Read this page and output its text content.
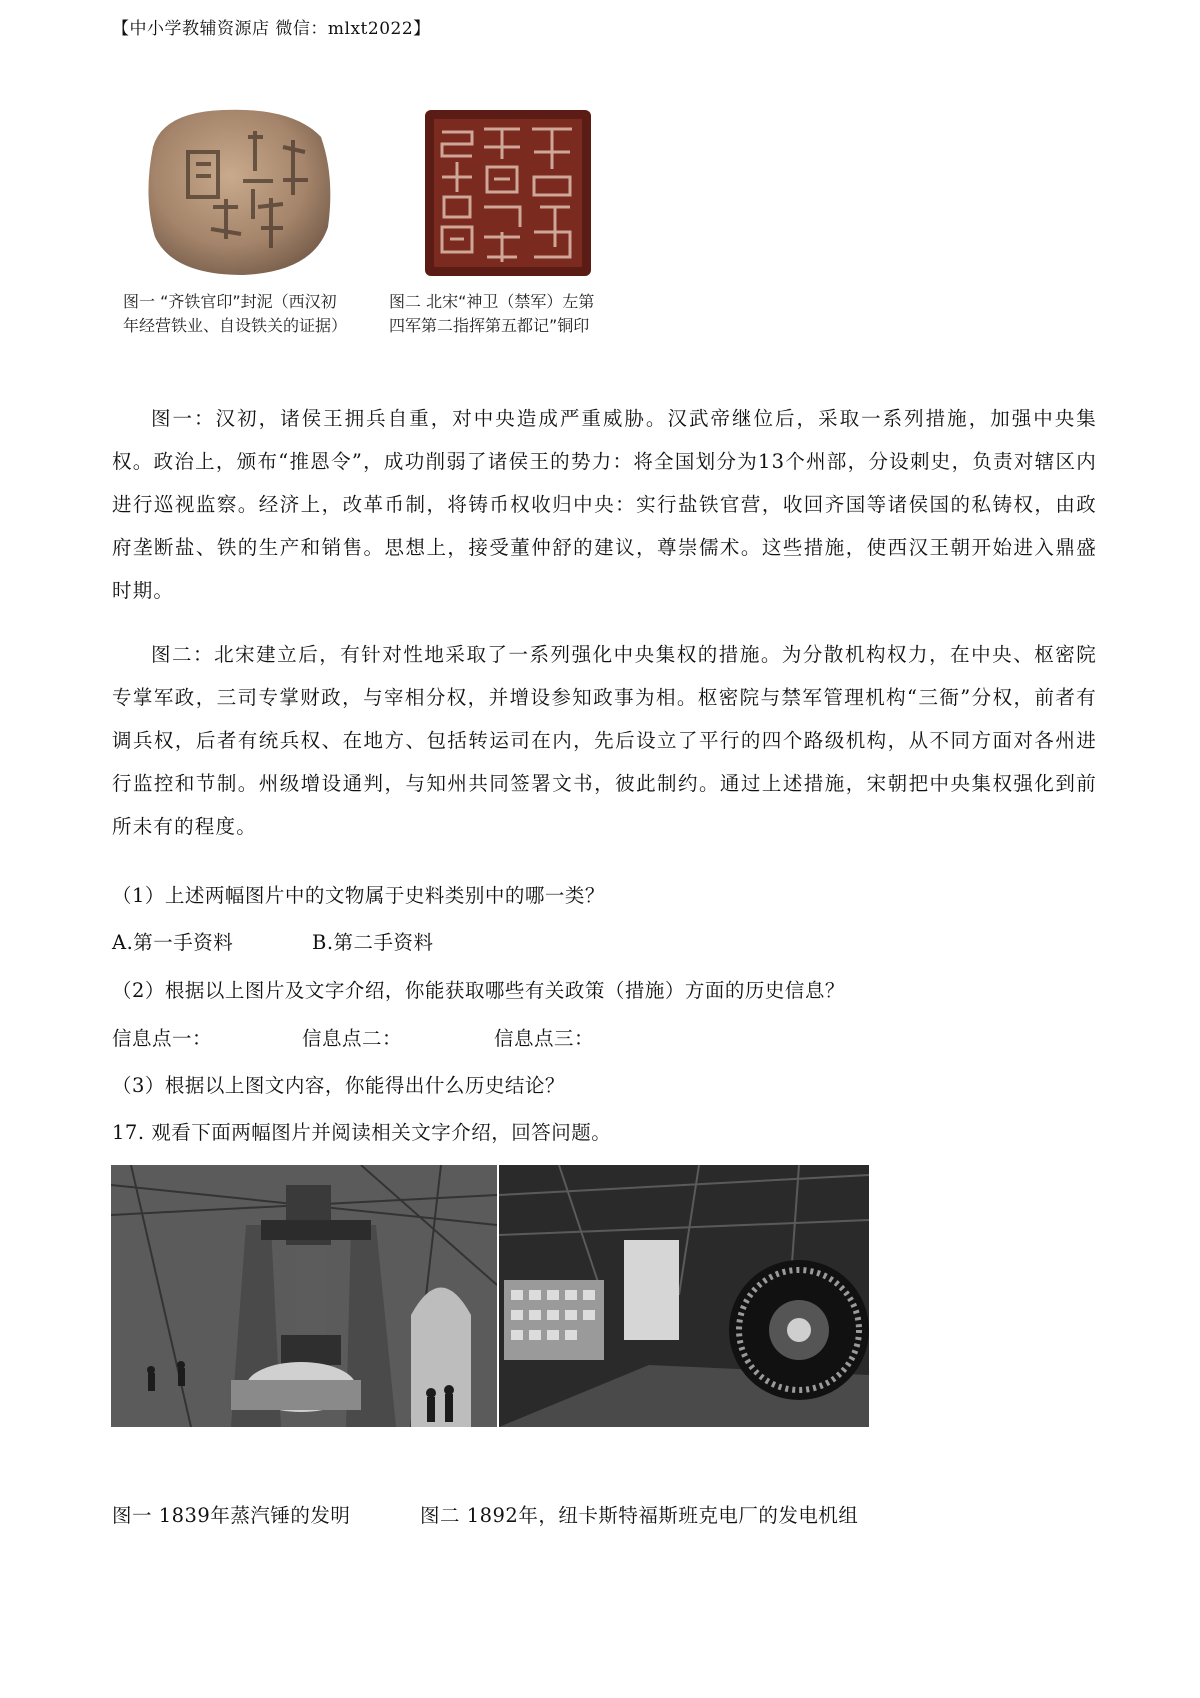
【中小学教辅资源店 微信：mlxt2022】
图一 “齐铁官印”封泥（西汉初
年经营铁业、自设铁关的证据）
图二 北宋“神卫（禁军）左第
四军第二指挥第五都记”铜印
图一：汉初，诸侯王拥兵自重，对中央造成严重威胁。汉武帝继位后，采取一系列措施，加强中央集权。政治上，颁布“推恩令”，成功削弱了诸侯王的势力：将全国划分为13个州部，分设刺史，负责对辖区内进行巡视监察。经济上，改革币制，将铸币权收归中央：实行盐铁官营，收回齐国等诸侯国的私铸权，由政府垄断盐、铁的生产和销售。思想上，接受董仲舒的建议，尊崇儒术。这些措施，使西汉王朝开始进入鼎盛时期。
图二：北宋建立后，有针对性地采取了一系列强化中央集权的措施。为分散机构权力，在中央、枢密院专掌军政，三司专掌财政，与宰相分权，并增设参知政事为相。枢密院与禁军管理机构“三衙”分权，前者有调兵权，后者有统兵权、在地方、包括转运司在内，先后设立了平行的四个路级机构，从不同方面对各州进行监控和节制。州级增设通判，与知州共同签署文书，彼此制约。通过上述措施，宋朝把中央集权强化到前所未有的程度。
（1）上述两幅图片中的文物属于史料类别中的哪一类？
A.第一手资料	B.第二手资料
（2）根据以上图片及文字介绍，你能获取哪些有关政策（措施）方面的历史信息？
信息点一：	信息点二：	信息点三：
（3）根据以上图文内容，你能得出什么历史结论？
17. 观看下面两幅图片并阅读相关文字介绍，回答问题。
图一 1839年蒸汽锤的发明	图二 1892年，纽卡斯特福斯班克电厂的发电机组
